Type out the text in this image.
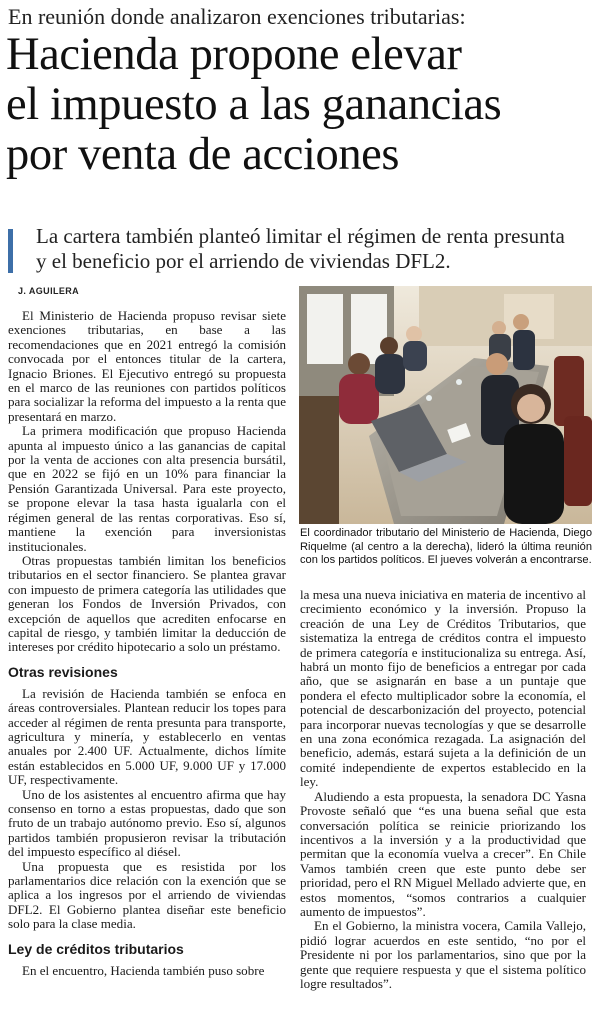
En reunión donde analizaron exenciones tributarias:
Hacienda propone elevar
el impuesto a las ganancias
por venta de acciones
La cartera también planteó limitar el régimen de renta presunta
y el beneficio por el arriendo de viviendas DFL2.
J. AGUILERA

El Ministerio de Hacienda propuso revisar siete exenciones tributarias, en base a las recomendaciones que en 2021 entregó la comisión convocada por el entonces titular de la cartera, Ignacio Briones. El Ejecutivo entregó su propuesta en el marco de las reuniones con partidos políticos para socializar la reforma del impuesto a la renta que presentará en marzo.

La primera modificación que propuso Hacienda apunta al impuesto único a las ganancias de capital por la venta de acciones con alta presencia bursátil, que en 2022 se fijó en un 10% para financiar la Pensión Garantizada Universal. Para este proyecto, se propone elevar la tasa hasta igualarla con el régimen general de las rentas corporativas. Eso sí, mantiene la exención para inversionistas institucionales.

Otras propuestas también limitan los beneficios tributarios en el sector financiero. Se plantea gravar con impuesto de primera categoría las utilidades que generan los Fondos de Inversión Privados, con excepción de aquellos que acrediten enfocarse en capital de riesgo, y también limitar la deducción de intereses por crédito hipotecario a solo un préstamo.

Otras revisiones

La revisión de Hacienda también se enfoca en áreas controversiales. Plantean reducir los topes para acceder al régimen de renta presunta para transporte, agricultura y minería, y establecerlo en ventas anuales por 2.400 UF. Actualmente, dichos límite están establecidos en 5.000 UF, 9.000 UF y 17.000 UF, respectivamente.

Uno de los asistentes al encuentro afirma que hay consenso en torno a estas propuestas, dado que son fruto de un trabajo autónomo previo. Eso sí, algunos partidos también propusieron revisar la tributación del impuesto específico al diésel.

Una propuesta que es resistida por los parlamentarios dice relación con la exención que se aplica a los ingresos por el arriendo de viviendas DFL2. El Gobierno plantea diseñar este beneficio solo para la clase media.

Ley de créditos tributarios

En el encuentro, Hacienda también puso sobre

El coordinador tributario del Ministerio de Hacienda, Diego Riquelme (al centro a la derecha), lideró la última reunión con los partidos políticos. El jueves volverán a encontrarse.

la mesa una nueva iniciativa en materia de incentivo al crecimiento económico y la inversión. Propuso la creación de una Ley de Créditos Tributarios, que sistematiza la entrega de créditos contra el impuesto de primera categoría e institucionaliza su entrega. Así, habrá un monto fijo de beneficios a entregar por cada año, que se asignarán en base a un puntaje que pondera el efecto multiplicador sobre la economía, el potencial de descarbonización del proyecto, potencial para incorporar nuevas tecnologías y que se desarrolle en una zona económica rezagada. La asignación del beneficio, además, estará sujeta a la definición de un comité independiente de expertos establecido en la ley.

Aludiendo a esta propuesta, la senadora DC Yasna Provoste señaló que “es una buena señal que esta conversación política se reinicie priorizando los incentivos a la inversión y a la productividad que permitan que la economía vuelva a crecer”. En Chile Vamos también creen que este punto debe ser prioridad, pero el RN Miguel Mellado advierte que, en estos momentos, “somos contrarios a cualquier aumento de impuestos”.

En el Gobierno, la ministra vocera, Camila Vallejo, pidió lograr acuerdos en este sentido, “no por el Presidente ni por los parlamentarios, sino que por la gente que requiere respuesta y que el sistema político logre resultados”.
